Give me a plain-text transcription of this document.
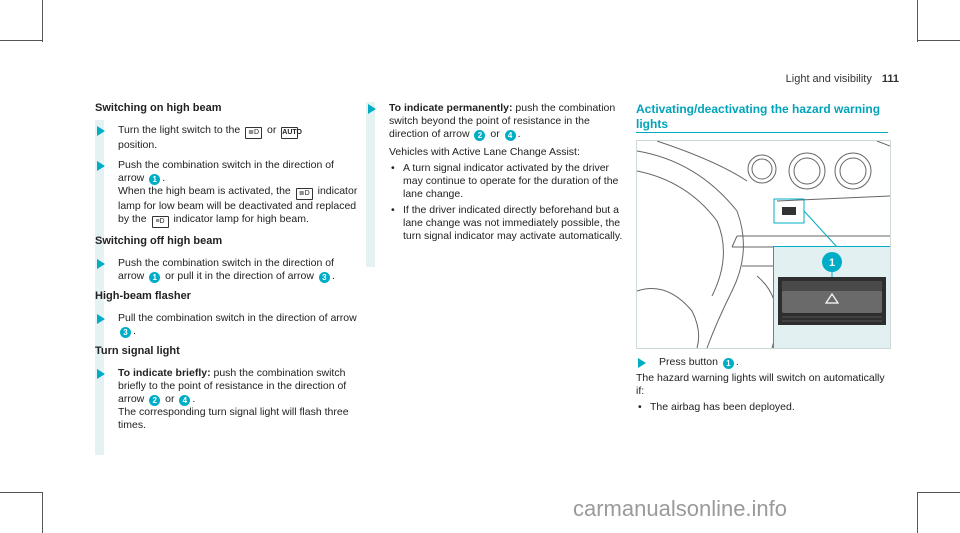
Light and visibility 111
Switching on high beam
Turn the light switch to the ≣D or AUTO
position.
Push the combination switch in the direction of arrow 1 .
When the high beam is activated, the ≣D indicator lamp for low beam will be deactivated and replaced by the ≡D indicator lamp for high beam.
Switching off high beam
Push the combination switch in the direction of arrow 1 or pull it in the direction of arrow 3 .
High-beam flasher
Pull the combination switch in the direction of arrow 3 .
Turn signal light
To indicate briefly: push the combination switch briefly to the point of resistance in the direction of arrow 2 or 4 .
The corresponding turn signal light will flash three times.
To indicate permanently: push the combination switch beyond the point of resistance in the direction of arrow 2 or 4 .
Vehicles with Active Lane Change Assist:
• A turn signal indicator activated by the driver may continue to operate for the duration of the lane change.
• If the driver indicated directly beforehand but a lane change was not immediately possible, the turn signal indicator may activate automatically.
Activating/deactivating the hazard warning lights
1
Press button 1 .
The hazard warning lights will switch on automatically if:
• The airbag has been deployed.
carmanualsonline.info
